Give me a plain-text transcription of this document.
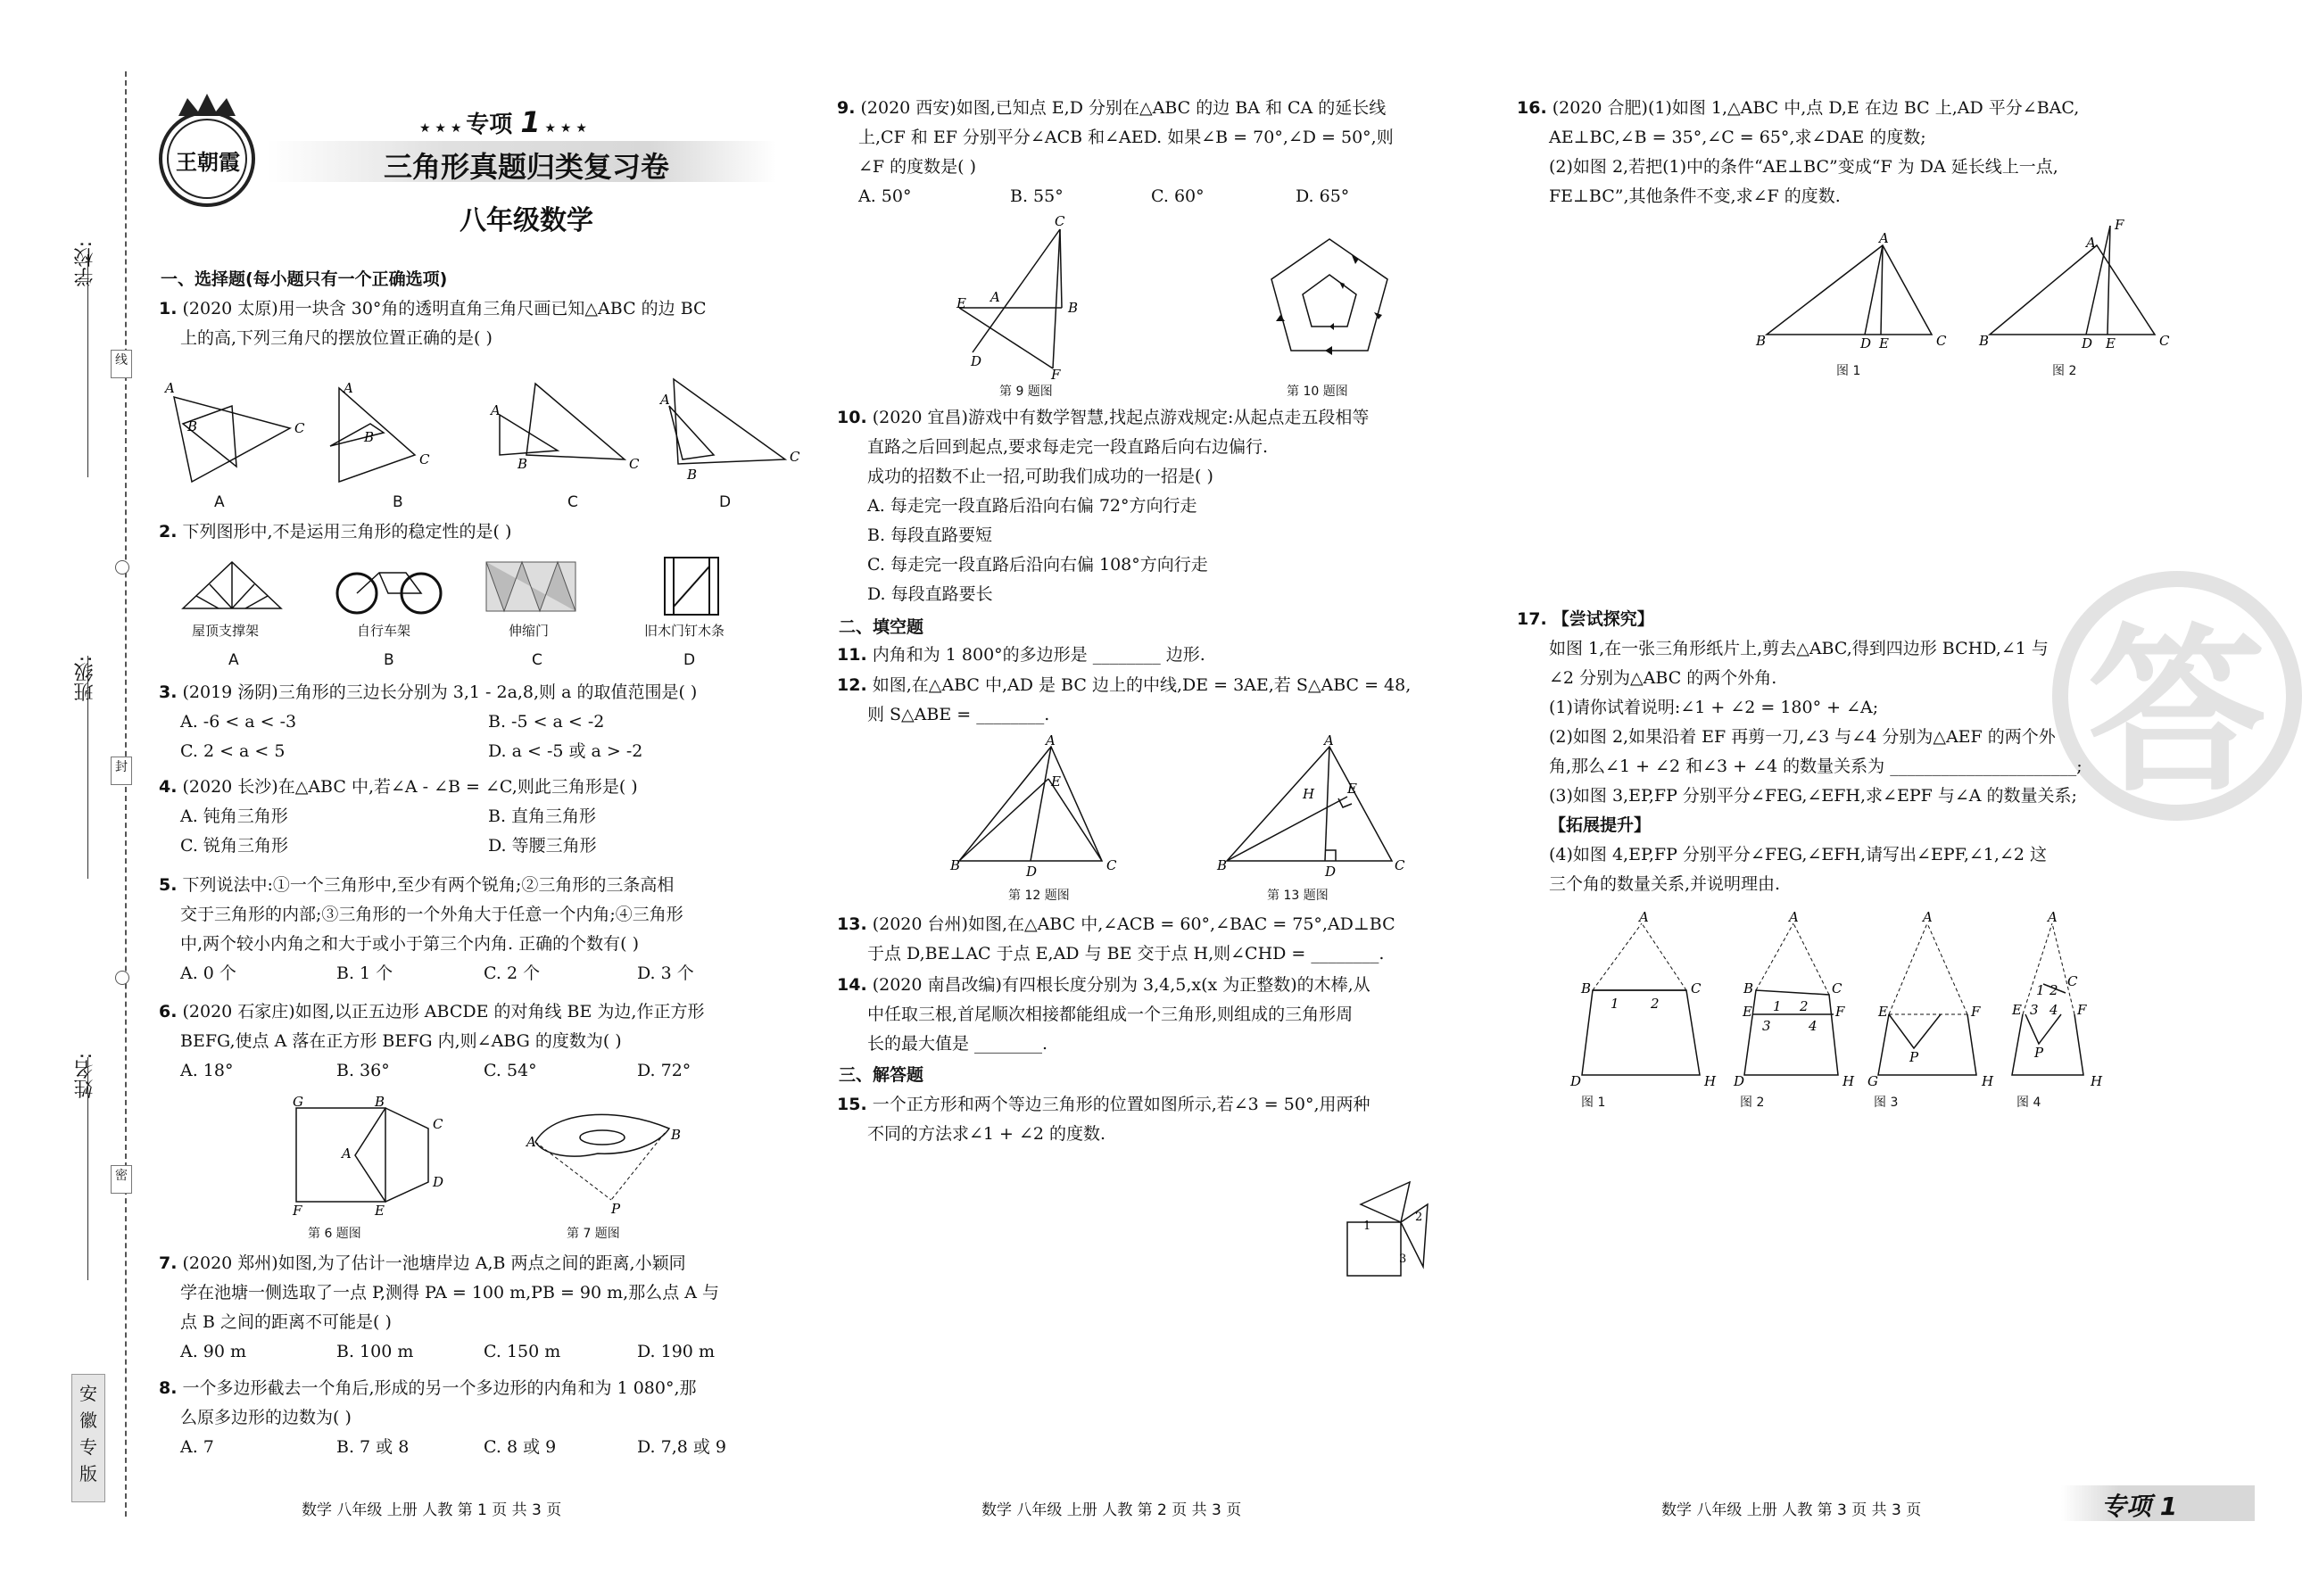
线
封
密
学校:
班级:
姓名:
安徽专版
王朝霞
★ ★ ★ 专项 1 ★ ★ ★
三角形真题归类复习卷
八年级数学
一、选择题(每小题只有一个正确选项)

1. (2020 太原)用一块含 30°角的透明直角三角尺画已知△ABC 的边 BC

上的高,下列三角尺的摆放位置正确的是( )

A
B	C
A
B
C
A
B	C
A
B
C
A	B	C	D

2. 下列图形中,不是运用三角形的稳定性的是( )

屋顶支撑架	自行车架	伸缩门	旧木门钉木条
A	B	C	D

3. (2019 汤阴)三角形的三边长分别为 3,1 - 2a,8,则 a 的取值范围是( )

A. -6 < a < -3	B. -5 < a < -2
C. 2 < a < 5	D. a < -5 或 a > -2

4. (2020 长沙)在△ABC 中,若∠A - ∠B = ∠C,则此三角形是( )

A. 钝角三角形	B. 直角三角形
C. 锐角三角形	D. 等腰三角形

5. 下列说法中:①一个三角形中,至少有两个锐角;②三角形的三条高相

交于三角形的内部;③三角形的一个外角大于任意一个内角;④三角形

中,两个较小内角之和大于或小于第三个内角. 正确的个数有( )

A. 0 个	B. 1 个	C. 2 个	D. 3 个

6. (2020 石家庄)如图,以正五边形 ABCDE 的对角线 BE 为边,作正方形

BEFG,使点 A 落在正方形 BEFG 内,则∠ABG 的度数为( )

A. 18°	B. 36°	C. 54°	D. 72°
G	B
C
D
A
F	E
第 6 题图
A	B
P
第 7 题图

7. (2020 郑州)如图,为了估计一池塘岸边 A,B 两点之间的距离,小颖同

学在池塘一侧选取了一点 P,测得 PA = 100 m,PB = 90 m,那么点 A 与

点 B 之间的距离不可能是( )

A. 90 m	B. 100 m	C. 150 m	D. 190 m

8. 一个多边形截去一个角后,形成的另一个多边形的内角和为 1 080°,那

么原多边形的边数为( )

A. 7	B. 7 或 8	C. 8 或 9	D. 7,8 或 9

9. (2020 西安)如图,已知点 E,D 分别在△ABC 的边 BA 和 CA 的延长线

上,CF 和 EF 分别平分∠ACB 和∠AED. 如果∠B = 70°,∠D = 50°,则

∠F 的度数是( )

A. 50°	B. 55°	C. 60°	D. 65°
C
E A
B
D
F
第 9 题图	第 10 题图

10. (2020 宜昌)游戏中有数学智慧,找起点游戏规定:从起点走五段相等

直路之后回到起点,要求每走完一段直路后向右边偏行.

成功的招数不止一招,可助我们成功的一招是( )

A. 每走完一段直路后沿向右偏 72°方向行走

B. 每段直路要短

C. 每走完一段直路后沿向右偏 108°方向行走

D. 每段直路要长

二、填空题

11. 内角和为 1 800°的多边形是 ________ 边形.

12. 如图,在△ABC 中,AD 是 BC 边上的中线,DE = 3AE,若 S△ABC = 48,

则 S△ABE = ________.

A
E
B	D	C
第 12 题图
A
E
H
B	D	C
第 13 题图

13. (2020 台州)如图,在△ABC 中,∠ACB = 60°,∠BAC = 75°,AD⊥BC

于点 D,BE⊥AC 于点 E,AD 与 BE 交于点 H,则∠CHD = ________.

14. (2020 南昌改编)有四根长度分别为 3,4,5,x(x 为正整数)的木棒,从

中任取三根,首尾顺次相接都能组成一个三角形,则组成的三角形周

长的最大值是 ________.

三、解答题

15. 一个正方形和两个等边三角形的位置如图所示,若∠3 = 50°,用两种

不同的方法求∠1 + ∠2 的度数.

1
2
3

16. (2020 合肥)(1)如图 1,△ABC 中,点 D,E 在边 BC 上,AD 平分∠BAC,

AE⊥BC,∠B = 35°,∠C = 65°,求∠DAE 的度数;

(2)如图 2,若把(1)中的条件“AE⊥BC”变成“F 为 DA 延长线上一点,

FE⊥BC”,其他条件不变,求∠F 的度数.

A
B	D E	C
图 1
F
A
B	D E	C
图 2
答

17. 【尝试探究】

如图 1,在一张三角形纸片上,剪去△ABC,得到四边形 BCHD,∠1 与

∠2 分别为△ABC 的两个外角.

(1)请你试着说明:∠1 + ∠2 = 180° + ∠A;

(2)如图 2,如果沿着 EF 再剪一刀,∠3 与∠4 分别为△AEF 的两个外

角,那么∠1 + ∠2 和∠3 + ∠4 的数量关系为 ______________________;

(3)如图 3,EP,FP 分别平分∠FEG,∠EFH,求∠EPF 与∠A 的数量关系;

【拓展提升】

(4)如图 4,EP,FP 分别平分∠FEG,∠EFH,请写出∠EPF,∠1,∠2 这

三个角的数量关系,并说明理由.

A
B	C
D	H
A
B	C
E	F
D	H
A
E	F
P
G	H
A
C
E	F
P
H
1 2	1 2
3	4
1 2
3 4
图 1	图 2	图 3	图 4
数学 八年级 上册 人教 第 1 页 共 3 页	数学 八年级 上册 人教 第 2 页 共 3 页	数学 八年级 上册 人教 第 3 页 共 3 页	专项 1
